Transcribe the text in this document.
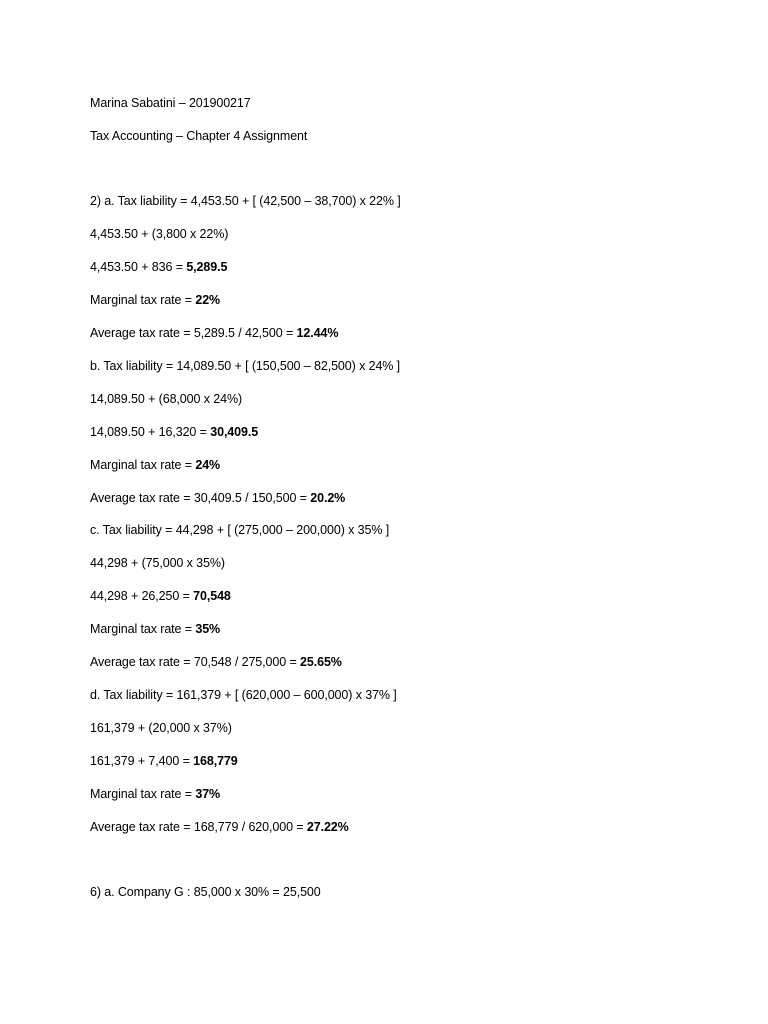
Marina Sabatini – 201900217
Tax Accounting – Chapter 4 Assignment
2) a. Tax liability = 4,453.50 + [ (42,500 – 38,700) x 22% ]
4,453.50 + (3,800 x 22%)
4,453.50 + 836 = 5,289.5
Marginal tax rate = 22%
Average tax rate = 5,289.5 / 42,500 = 12.44%
b. Tax liability = 14,089.50 + [ (150,500 – 82,500) x 24% ]
14,089.50 + (68,000 x 24%)
14,089.50 + 16,320 = 30,409.5
Marginal tax rate = 24%
Average tax rate = 30,409.5 / 150,500 = 20.2%
c. Tax liability = 44,298 + [ (275,000 – 200,000) x 35% ]
44,298 + (75,000 x 35%)
44,298 + 26,250 = 70,548
Marginal tax rate = 35%
Average tax rate = 70,548 / 275,000 = 25.65%
d. Tax liability = 161,379 + [ (620,000 – 600,000) x 37% ]
161,379 + (20,000 x 37%)
161,379 + 7,400 = 168,779
Marginal tax rate = 37%
Average tax rate = 168,779 / 620,000 = 27.22%
6) a. Company G : 85,000 x 30% = 25,500
